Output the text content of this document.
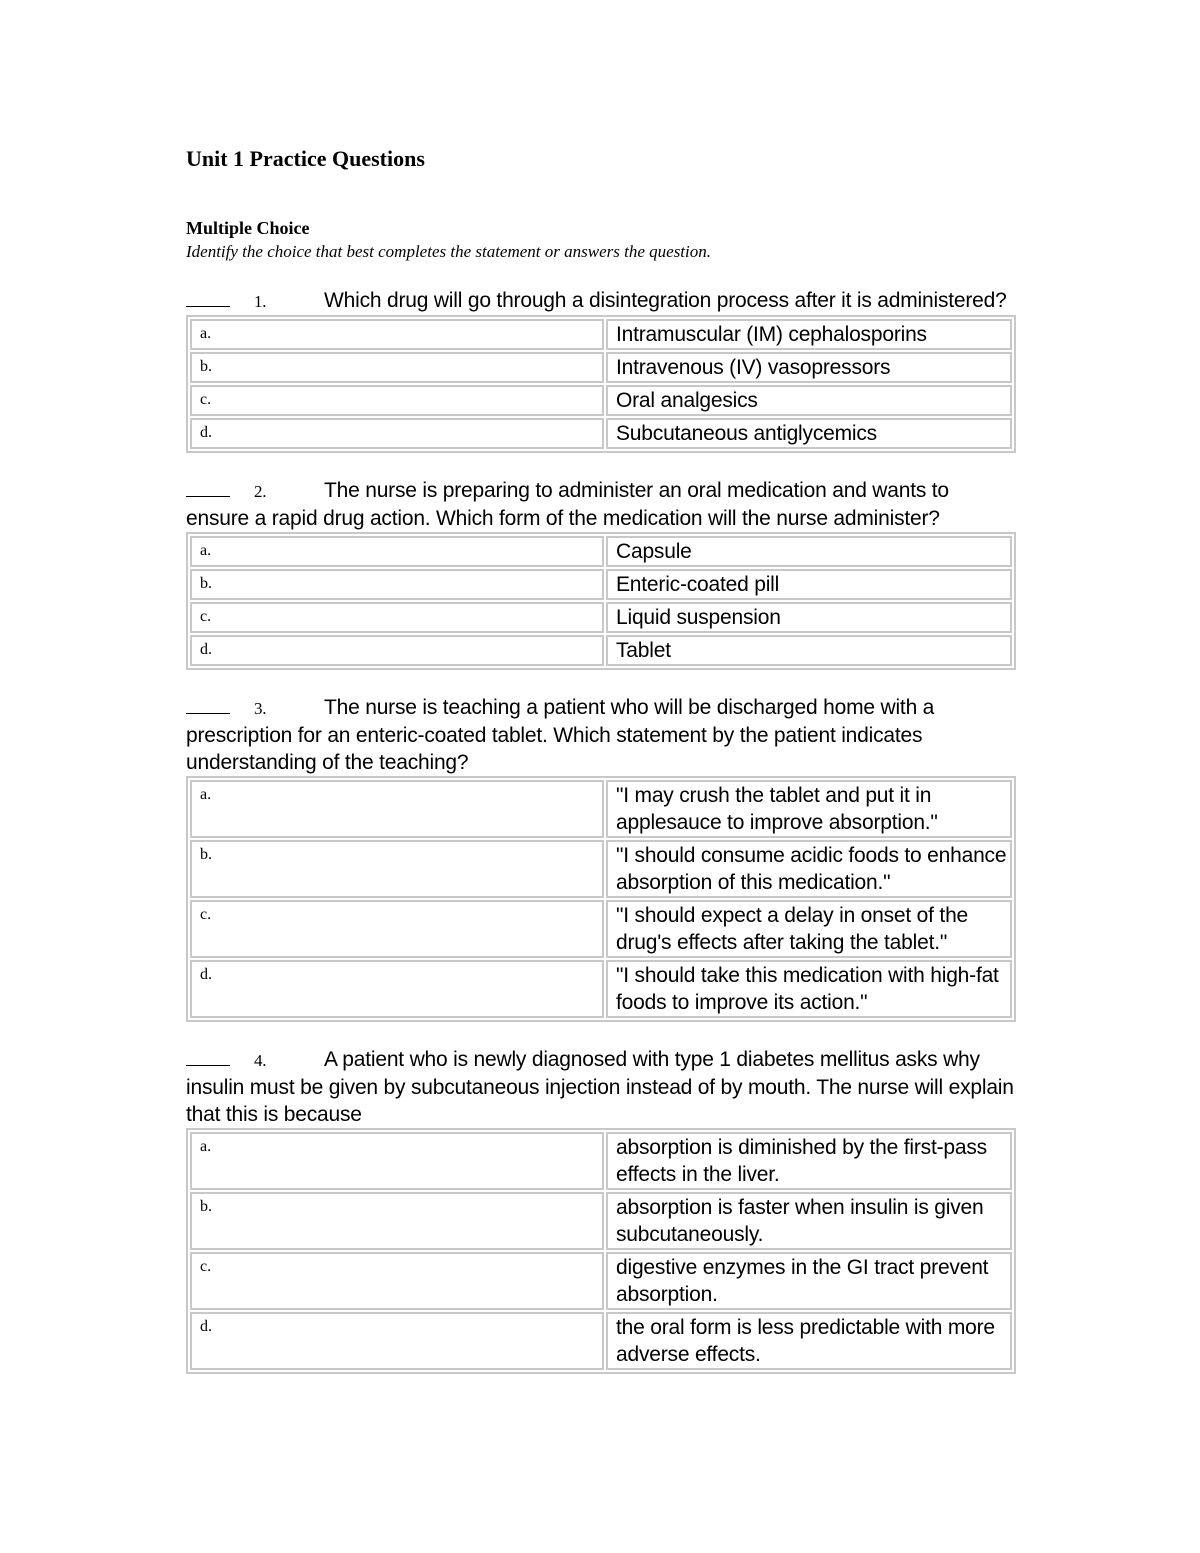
Unit 1 Practice Questions
Multiple Choice
Identify the choice that best completes the statement or answers the question.
1.	Which drug will go through a disintegration process after it is administered?
a.	Intramuscular (IM) cephalosporins
b.	Intravenous (IV) vasopressors
c.	Oral analgesics
d.	Subcutaneous antiglycemics
2.	The nurse is preparing to administer an oral medication and wants to ensure a rapid drug action. Which form of the medication will the nurse administer?
a.	Capsule
b.	Enteric-coated pill
c.	Liquid suspension
d.	Tablet
3.	The nurse is teaching a patient who will be discharged home with a prescription for an enteric-coated tablet. Which statement by the patient indicates understanding of the teaching?
a.	"I may crush the tablet and put it in applesauce to improve absorption."
b.	"I should consume acidic foods to enhance absorption of this medication."
c.	"I should expect a delay in onset of the drug's effects after taking the tablet."
d.	"I should take this medication with high-fat foods to improve its action."
4.	A patient who is newly diagnosed with type 1 diabetes mellitus asks why insulin must be given by subcutaneous injection instead of by mouth. The nurse will explain that this is because
a.	absorption is diminished by the first-pass effects in the liver.
b.	absorption is faster when insulin is given subcutaneously.
c.	digestive enzymes in the GI tract prevent absorption.
d.	the oral form is less predictable with more adverse effects.
